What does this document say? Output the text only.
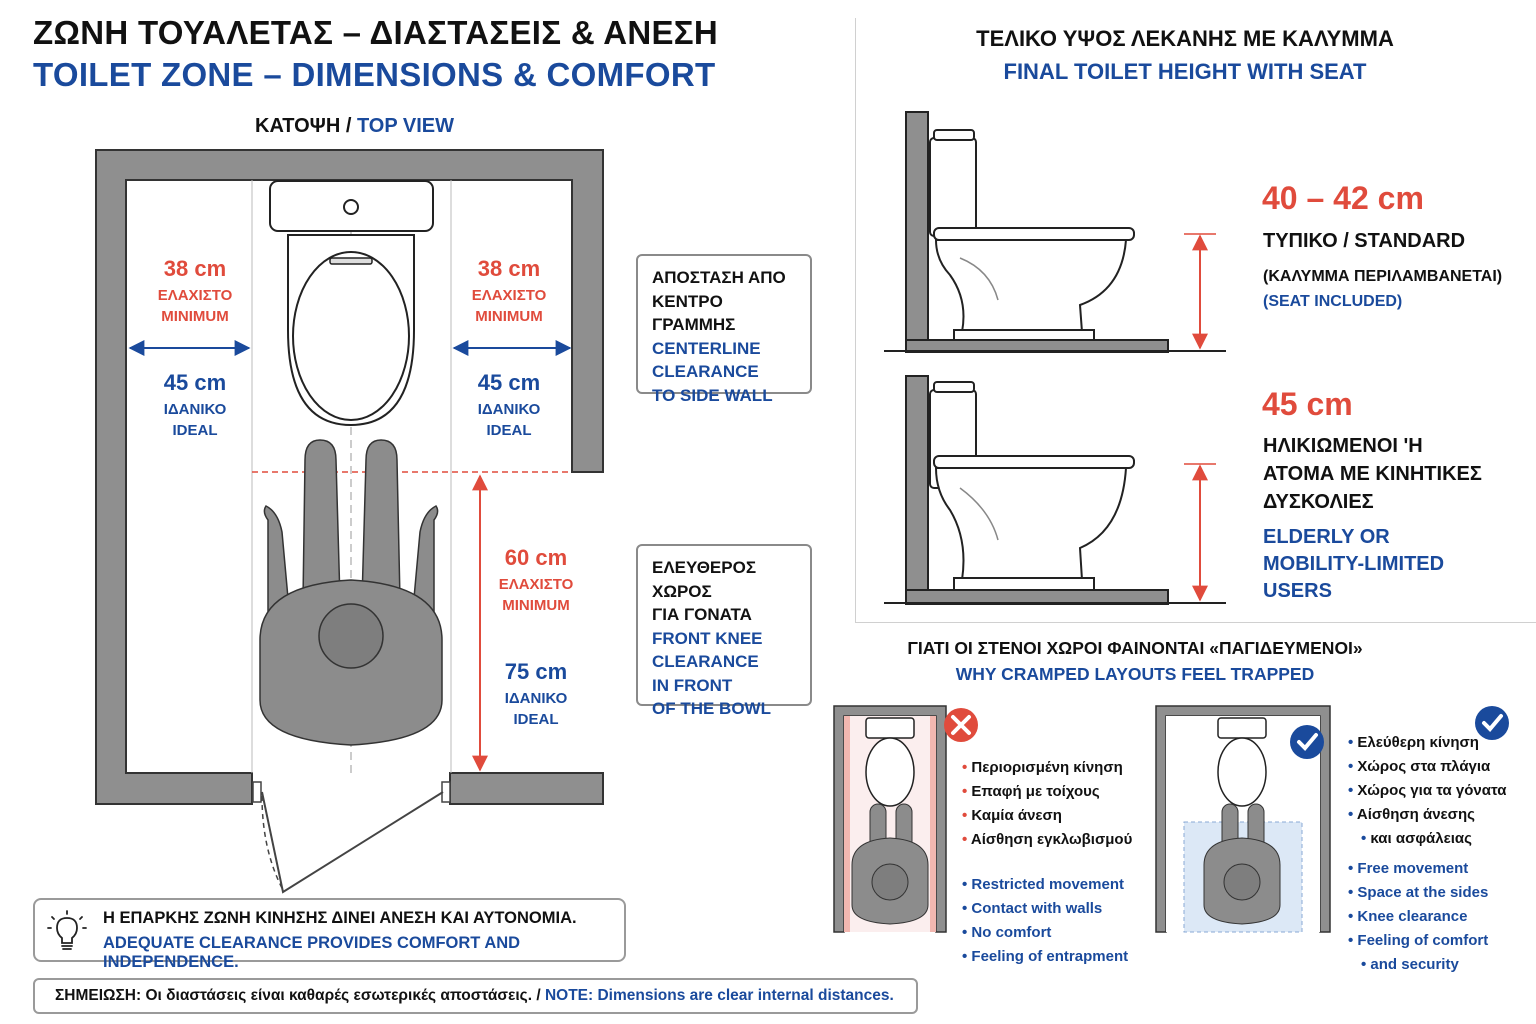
ΖΩΝΗ ΤΟΥΑΛΕΤΑΣ – ΔΙΑΣΤΑΣΕΙΣ & ΑΝΕΣΗ
TOILET ZONE – DIMENSIONS & COMFORT
ΚΑΤΟΨΗ / TOP VIEW
38 cm
ΕΛΑΧΙΣΤΟ
MINIMUM
45 cm
ΙΔΑΝΙΚΟ
IDEAL
38 cm
ΕΛΑΧΙΣΤΟ
MINIMUM
45 cm
ΙΔΑΝΙΚΟ
IDEAL
60 cm
ΕΛΑΧΙΣΤΟ
MINIMUM
75 cm
ΙΔΑΝΙΚΟ
IDEAL
ΑΠΟΣΤΑΣΗ ΑΠΟ
ΚΕΝΤΡΟ ΓΡΑΜΜΗΣ
CENTERLINE
CLEARANCE
TO SIDE WALL
ΕΛΕΥΘΕΡΟΣ ΧΩΡΟΣ
ΓΙΑ ΓΟΝΑΤΑ
FRONT KNEE
CLEARANCE
IN FRONT
OF THE BOWL
ΤΕΛΙΚΟ ΥΨΟΣ ΛΕΚΑΝΗΣ ΜΕ ΚΑΛΥΜΜΑ
FINAL TOILET HEIGHT WITH SEAT
40 – 42 cm
ΤΥΠΙΚΟ / STANDARD
(ΚΑΛΥΜΜΑ ΠΕΡΙΛΑΜΒΑΝΕΤΑΙ)
(SEAT INCLUDED)
45 cm
ΗΛΙΚΙΩΜΕΝΟΙ 'Η
ΑΤΟΜΑ ΜΕ ΚΙΝΗΤΙΚΕΣ
ΔΥΣΚΟΛΙΕΣ
ELDERLY OR
MOBILITY-LIMITED
USERS
ΓΙΑΤΙ ΟΙ ΣΤΕΝΟΙ ΧΩΡΟΙ ΦΑΙΝΟΝΤΑΙ «ΠΑΓΙΔΕΥΜΕΝΟΙ»
WHY CRAMPED LAYOUTS FEEL TRAPPED
• Περιορισμένη κίνηση
• Επαφή με τοίχους
• Καμία άνεση
• Αίσθηση εγκλωβισμού
• Restricted movement
• Contact with walls
• No comfort
• Feeling of entrapment
• Ελεύθερη κίνηση
• Χώρος στα πλάγια
• Χώρος για τα γόνατα
• Αίσθηση άνεσης
• και ασφάλειας
• Free movement
• Space at the sides
• Knee clearance
• Feeling of comfort
• and security
Η ΕΠΑΡΚΗΣ ΖΩΝΗ ΚΙΝΗΣΗΣ ΔΙΝΕΙ ΑΝΕΣΗ ΚΑΙ ΑΥΤΟΝΟΜΙΑ.
ADEQUATE CLEARANCE PROVIDES COMFORT AND INDEPENDENCE.
ΣΗΜΕΙΩΣΗ: Οι διαστάσεις είναι καθαρές εσωτερικές αποστάσεις. / NOTE: Dimensions are clear internal distances.
